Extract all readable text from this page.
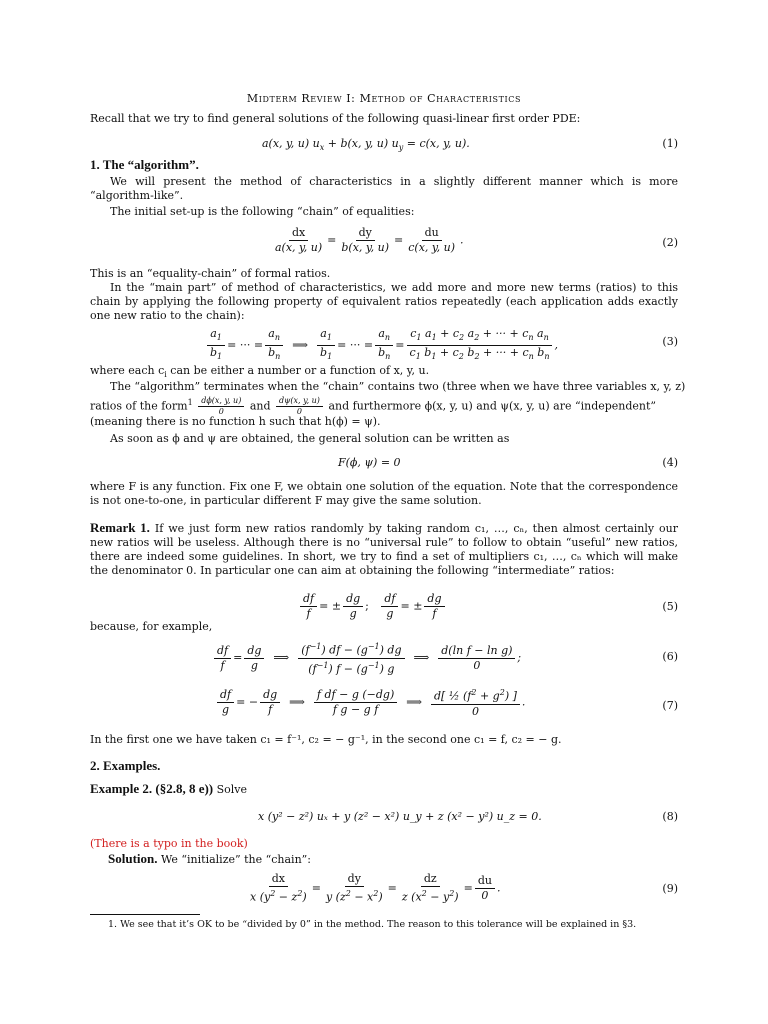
Midterm Review I: Method of Characteristics
Recall that we try to find general solutions of the following quasi-linear first order PDE:
a(x, y, u) $u_x + b(x$, y, u) $u_y = c(x$, y, u).	(1)
1. The “algorithm”.
We will present the method of characteristics in a slightly different manner which is more “algorithm-like”.
The initial set-up is the following “chain” of equalities:
$\frac{dx}{a(x, y, u)} = \frac{dy}{b(x, y, u)} = \frac{du}{c(x, y, u)}$ .	(2)
This is an “equality-chain” of formal ratios.
In the “main part” of method of characteristics, we add more and more new terms (ratios) to this chain by applying the following property of equivalent ratios repeatedly (each application adds exactly one new ratio to the chain):
$\frac{a_1}{b_1}$ = ··· = $\frac{a_n}{b_n}$ ⟹ $\frac{a_1}{b_1}$ = ··· = $\frac{a_n}{b_n} = \frac{c_1 a_1 + c_2 a_2 + \cdot\cdot\cdot + c_n a_n}{c_1 b_1 + c_2 b_2 + \cdot\cdot\cdot + c_n b_n}$ ,	(3)
where each $c_i$ can be either a number or a function of x, y, u.
The “algorithm” terminates when the “chain” contains two (three when we have three variables x, y, z)
ratios of the form$^1$ $\frac{d\phi(x, y, u)}{0}$ and $\frac{d\psi(x, y, u)}{0}$ and furthermore ϕ(x, y, u) and ψ(x, y, u) are “independent”
(meaning there is no function h such that h(ϕ) = ψ).
As soon as ϕ and ψ are obtained, the general solution can be written as
F(ϕ, ψ) = 0	(4)
where F is any function. Fix one F, we obtain one solution of the equation. Note that the correspondence is not one-to-one, in particular different F may give the same solution.
Remark 1. If we just form new ratios randomly by taking random c₁, …, cₙ, then almost certainly our new ratios will be useless. Although there is no “universal rule” to follow to obtain “useful” new ratios, there are indeed some guidelines. In short, we try to find a set of multipliers c₁, …, cₙ which will make the denominator 0. In particular one can aim at obtaining the following “intermediate” ratios:
$\frac{df}{f}$ = ± $\frac{dg}{g}$ ; $\frac{df}{g}$ = ± $\frac{dg}{f}$	(5)
because, for example,
$\frac{df}{f} = \frac{dg}{g}$ ⟹ $\frac{(f^{-1}) df - (g^{-1}) dg}{(f^{-1}) f - (g^{-1}) g}$ ⟹ $\frac{\text{d(ln f − ln g)}}{0}$ ;	(6)
$\frac{df}{g}$ = − $\frac{dg}{f}$ ⟹ $\frac{\text{f df − g (−dg)}}{\text{f g − g f}}$ ⟹ $\frac{d[ \frac{1}{2} (f^2 + g^2) ]}{0}$ .	(7)
In the first one we have taken c₁ = f⁻¹, c₂ = − g⁻¹, in the second one c₁ = f, c₂ = − g.
2. Examples.
Example 2. (§2.8, 8 e)) Solve
x (y² − z²) uₓ + y (z² − x²) u_y + z (x² − y²) u_z = 0.	(8)
(There is a typo in the book)
Solution. We “initialize” the “chain”:
$\frac{dx}{x (y^2 - z^2)} = \frac{dy}{y (z^2 - x^2)} = \frac{dz}{z (x^2 - y^2)} = \frac{du}{0}$ .	(9)
1. We see that it’s OK to be “divided by 0” in the method. The reason to this tolerance will be explained in §3.
